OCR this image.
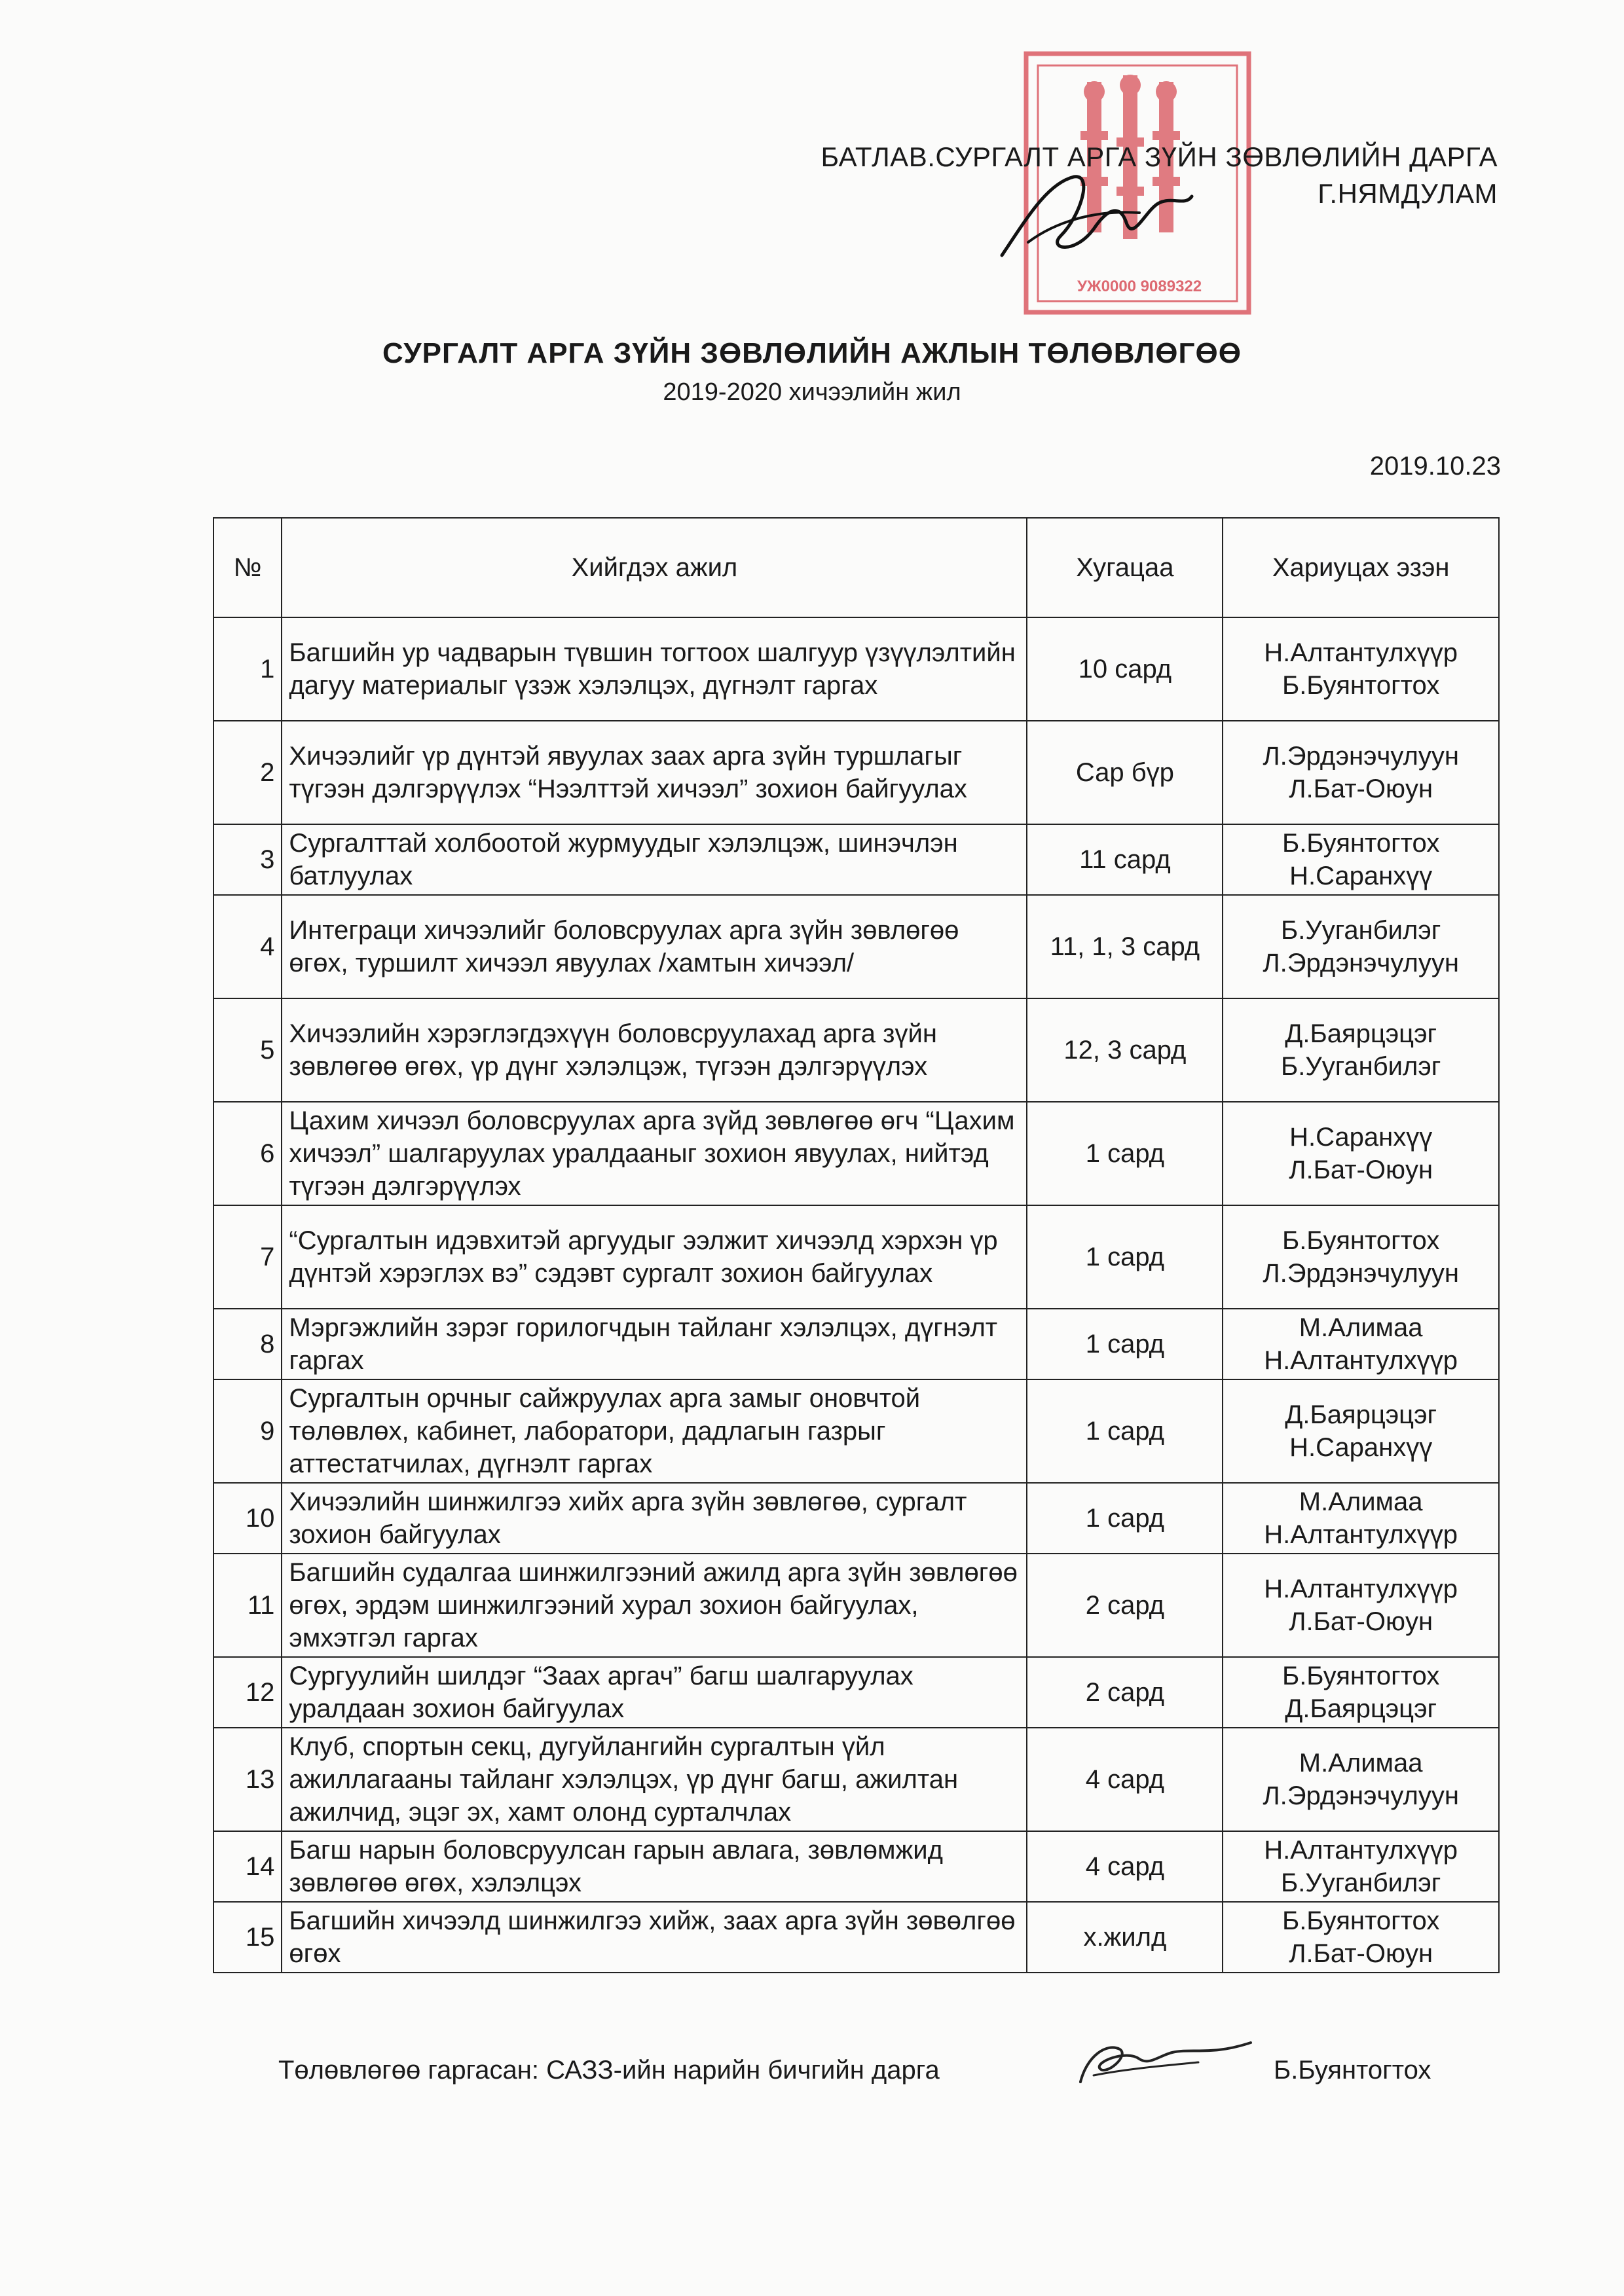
УЖ0000 9089322
БАТЛАВ.СУРГАЛТ АРГА ЗҮЙН ЗӨВЛӨЛИЙН ДАРГА
Г.НЯМДУЛАМ
СУРГАЛТ АРГА ЗҮЙН ЗӨВЛӨЛИЙН АЖЛЫН ТӨЛӨВЛӨГӨӨ
2019-2020 хичээлийн жил
2019.10.23
№	Хийгдэх ажил	Хугацаа	Хариуцах эзэн
1	Багшийн ур чадварын түвшин тогтоох шалгуур үзүүлэлтийн дагуу материалыг үзэж хэлэлцэх, дүгнэлт гаргах	10 сард	Н.Алтантулхүүр
Б.Буянтогтох

2	Хичээлийг үр дүнтэй явуулах заах арга зүйн туршлагыг түгээн дэлгэрүүлэх “Нээлттэй хичээл” зохион байгуулах	Сар бүр	Л.Эрдэнэчулуун
Л.Бат-Оюун

3	Сургалттай холбоотой журмуудыг хэлэлцэж, шинэчлэн батлуулах	11 сард	Б.Буянтогтох
Н.Саранхүү

4	Интеграци хичээлийг боловсруулах арга зүйн зөвлөгөө өгөх, туршилт хичээл явуулах /хамтын хичээл/	11, 1, 3 сард	Б.Ууганбилэг
Л.Эрдэнэчулуун

5	Хичээлийн хэрэглэгдэхүүн боловсруулахад арга зүйн зөвлөгөө өгөх, үр дүнг хэлэлцэж, түгээн дэлгэрүүлэх	12, 3 сард	Д.Баярцэцэг
Б.Ууганбилэг

6	Цахим хичээл боловсруулах арга зүйд зөвлөгөө өгч “Цахим хичээл” шалгаруулах уралдааныг зохион явуулах, нийтэд түгээн дэлгэрүүлэх	1 сард	Н.Саранхүү
Л.Бат-Оюун

7	“Сургалтын идэвхитэй аргуудыг ээлжит хичээлд хэрхэн үр дүнтэй хэрэглэх вэ” сэдэвт сургалт зохион байгуулах	1 сард	Б.Буянтогтох
Л.Эрдэнэчулуун

8	Мэргэжлийн зэрэг горилогчдын тайланг хэлэлцэх, дүгнэлт гаргах	1 сард	М.Алимаа
Н.Алтантулхүүр

9	Сургалтын орчныг сайжруулах арга замыг оновчтой төлөвлөх, кабинет, лаборатори, дадлагын газрыг аттестатчилах, дүгнэлт гаргах	1 сард	Д.Баярцэцэг
Н.Саранхүү

10	Хичээлийн шинжилгээ хийх арга зүйн зөвлөгөө, сургалт зохион байгуулах	1 сард	М.Алимаа
Н.Алтантулхүүр

11	Багшийн судалгаа шинжилгээний ажилд арга зүйн зөвлөгөө өгөх, эрдэм шинжилгээний хурал зохион байгуулах, эмхэтгэл гаргах	2 сард	Н.Алтантулхүүр
Л.Бат-Оюун

12	Сургуулийн шилдэг “Заах аргач” багш шалгаруулах уралдаан зохион байгуулах	2 сард	Б.Буянтогтох
Д.Баярцэцэг

13	Клуб, спортын секц, дугуйлангийн сургалтын үйл ажиллагааны тайланг хэлэлцэх, үр дүнг багш, ажилтан ажилчид, эцэг эх, хамт олонд сурталчлах	4 сард	М.Алимаа
Л.Эрдэнэчулуун

14	Багш нарын боловсруулсан гарын авлага, зөвлөмжид зөвлөгөө өгөх, хэлэлцэх	4 сард	Н.Алтантулхүүр
Б.Ууганбилэг

15	Багшийн хичээлд шинжилгээ хийж, заах арга зүйн зөвөлгөө өгөх	х.жилд	Б.Буянтогтох
Л.Бат-Оюун
Төлөвлөгөө гаргасан: САЗЗ-ийн нарийн бичгийн дарга	Б.Буянтогтох
